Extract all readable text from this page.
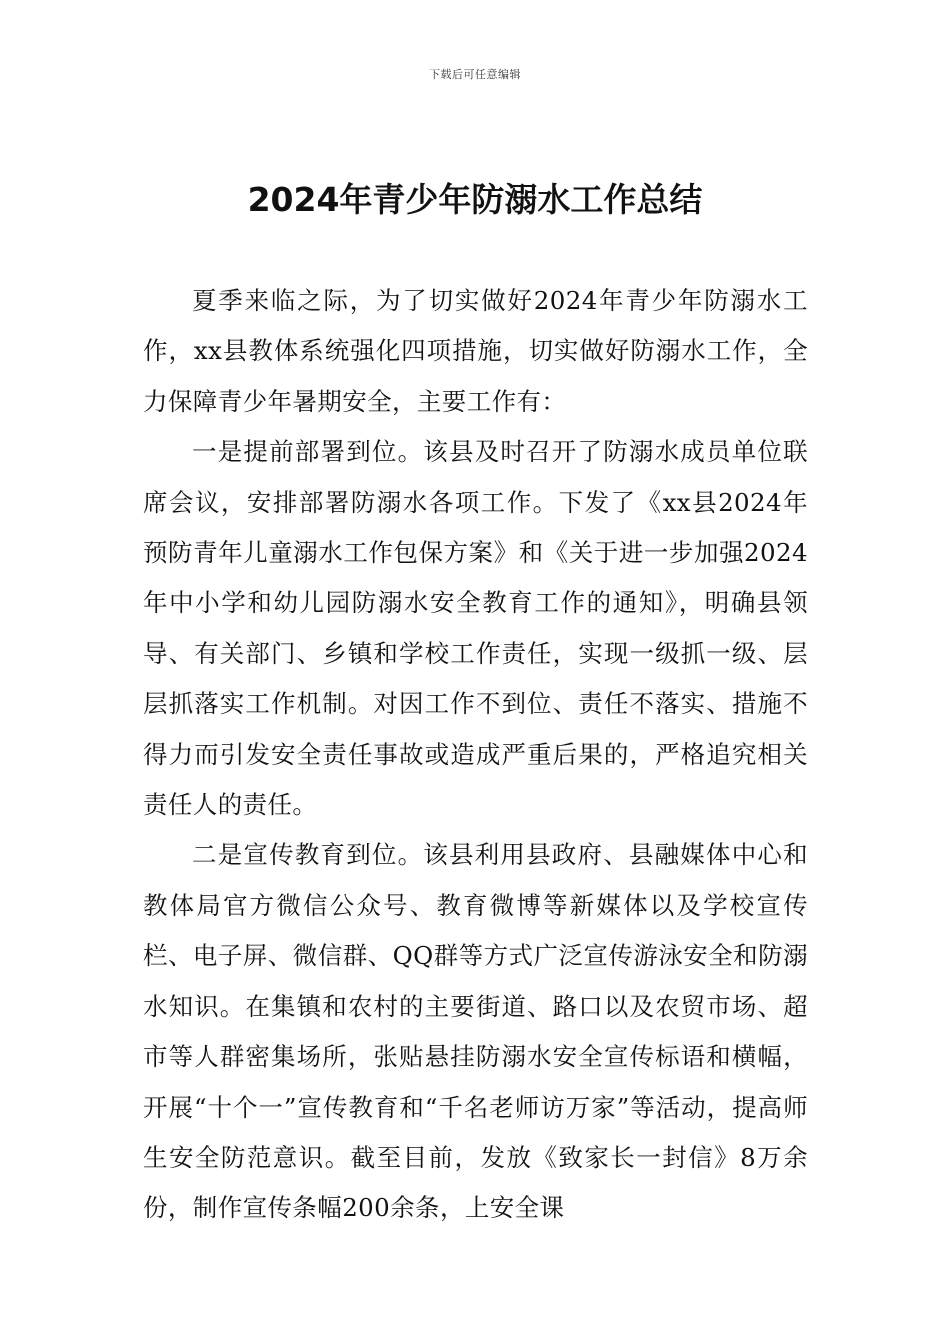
下载后可任意编辑
2024年青少年防溺水工作总结

夏季来临之际，为了切实做好2024年青少年防溺水工作，xx县教体系统强化四项措施，切实做好防溺水工作，全力保障青少年暑期安全，主要工作有：

一是提前部署到位。该县及时召开了防溺水成员单位联席会议，安排部署防溺水各项工作。下发了《xx县2024年预防青年儿童溺水工作包保方案》和《关于进一步加强2024年中小学和幼儿园防溺水安全教育工作的通知》，明确县领导、有关部门、乡镇和学校工作责任，实现一级抓一级、层层抓落实工作机制。对因工作不到位、责任不落实、措施不得力而引发安全责任事故或造成严重后果的，严格追究相关责任人的责任。

二是宣传教育到位。该县利用县政府、县融媒体中心和教体局官方微信公众号、教育微博等新媒体以及学校宣传栏、电子屏、微信群、QQ群等方式广泛宣传游泳安全和防溺水知识。在集镇和农村的主要街道、路口以及农贸市场、超市等人群密集场所，张贴悬挂防溺水安全宣传标语和横幅，开展“十个一”宣传教育和“千名老师访万家”等活动，提高师生安全防范意识。截至目前，发放《致家长一封信》8万余份，制作宣传条幅200余条，上安全课
